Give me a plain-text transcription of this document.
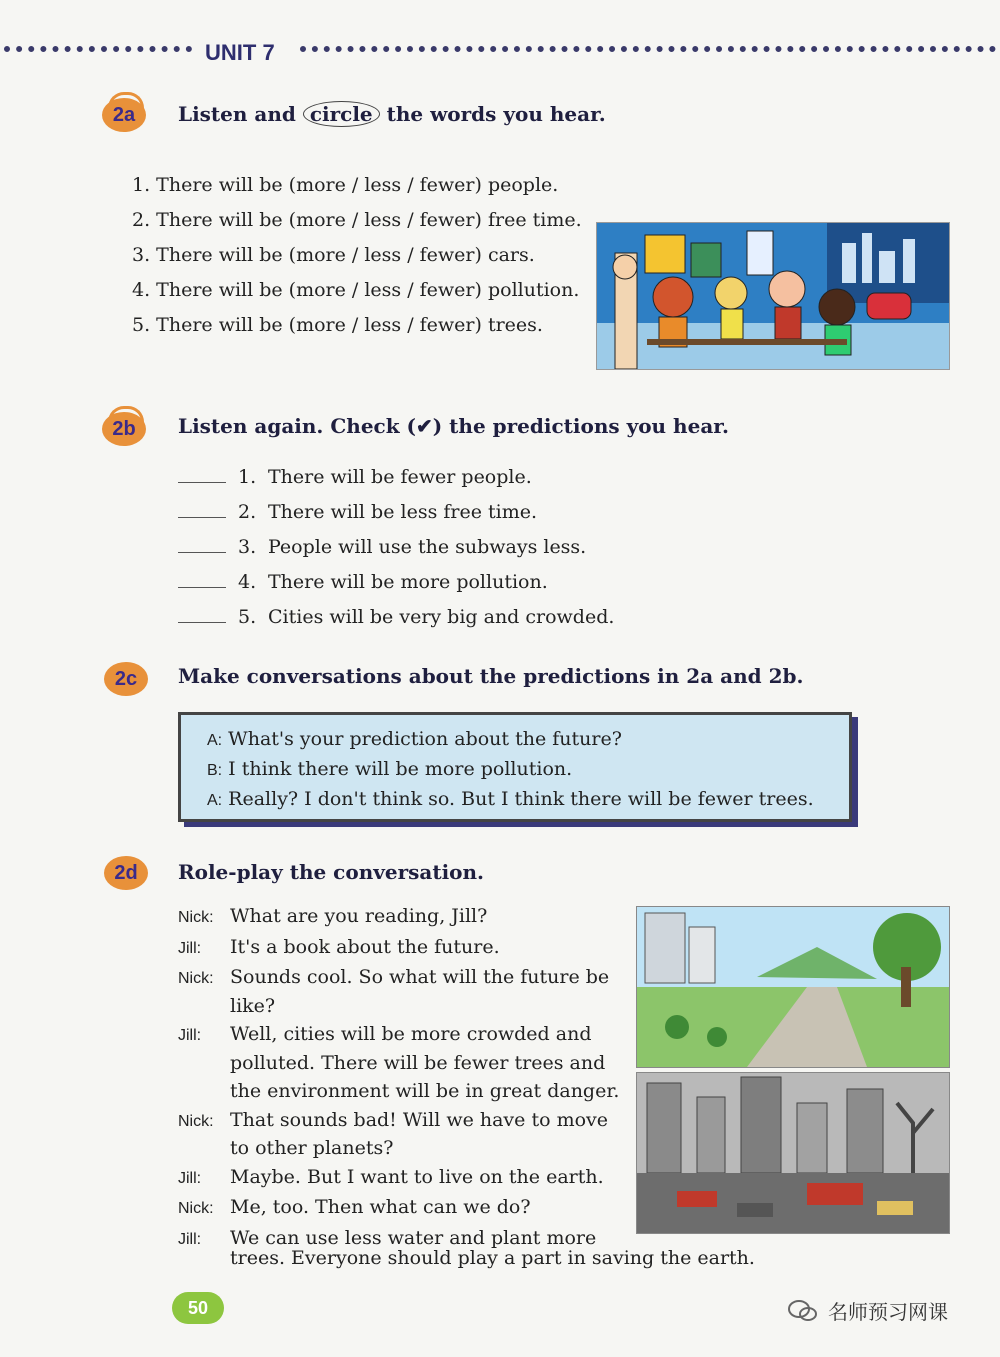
UNIT 7
2a Listen and circle the words you hear.
1. There will be (more / less / fewer) people.
2. There will be (more / less / fewer) free time.
3. There will be (more / less / fewer) cars.
4. There will be (more / less / fewer) pollution.
5. There will be (more / less / fewer) trees.
2b Listen again. Check (✔) the predictions you hear.
1. There will be fewer people.
2. There will be less free time.
3. People will use the subways less.
4. There will be more pollution.
5. Cities will be very big and crowded.
2c Make conversations about the predictions in 2a and 2b.
A: What's your prediction about the future?
B: I think there will be more pollution.
A: Really? I don't think so. But I think there will be fewer trees.
2d Role-play the conversation.
Nick: What are you reading, Jill?
Jill:	It's a book about the future.
Nick: Sounds cool. So what will the future be like?
Jill:	Well, cities will be more crowded and polluted. There will be fewer trees and the environment will be in great danger.
Nick: That sounds bad! Will we have to move to other planets?
Jill:	Maybe. But I want to live on the earth.
Nick: Me, too. Then what can we do?
Jill:	We can use less water and plant more
trees. Everyone should play a part in saving the earth.
50	名师预习网课
